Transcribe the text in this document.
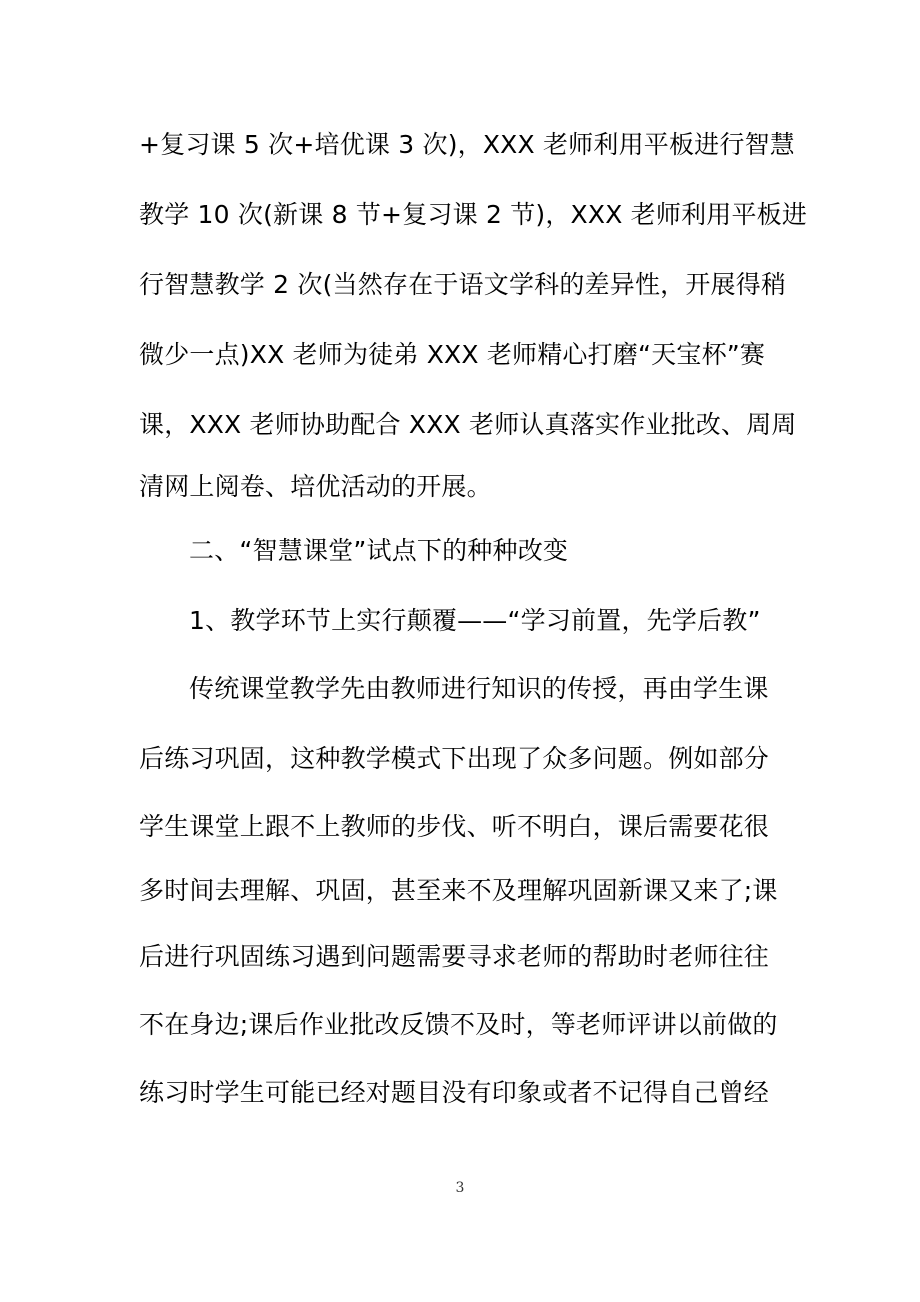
+复习课 5 次+培优课 3 次)，XXX 老师利用平板进行智慧
教学 10 次(新课 8 节+复习课 2 节)，XXX 老师利用平板进
行智慧教学 2 次(当然存在于语文学科的差异性，开展得稍
微少一点)XX 老师为徒弟 XXX 老师精心打磨“天宝杯”赛
课，XXX 老师协助配合 XXX 老师认真落实作业批改、周周
清网上阅卷、培优活动的开展。
二、“智慧课堂”试点下的种种改变
1、教学环节上实行颠覆——“学习前置，先学后教”
传统课堂教学先由教师进行知识的传授，再由学生课
后练习巩固，这种教学模式下出现了众多问题。例如部分
学生课堂上跟不上教师的步伐、听不明白，课后需要花很
多时间去理解、巩固，甚至来不及理解巩固新课又来了;课
后进行巩固练习遇到问题需要寻求老师的帮助时老师往往
不在身边;课后作业批改反馈不及时，等老师评讲以前做的
练习时学生可能已经对题目没有印象或者不记得自己曾经
3
